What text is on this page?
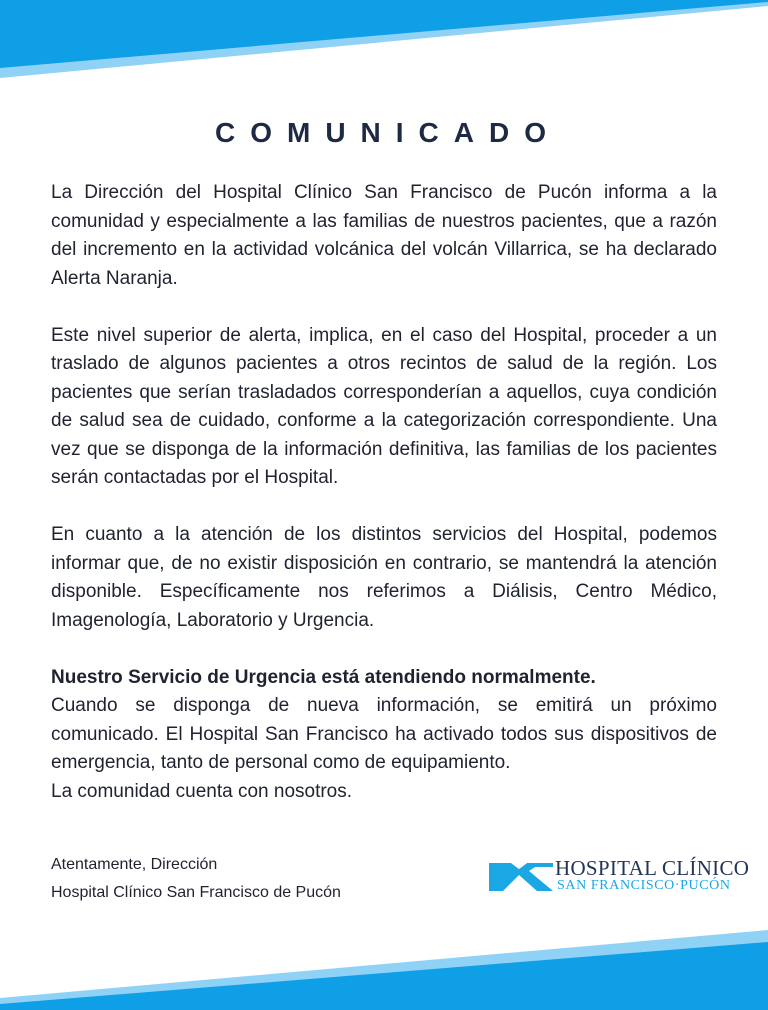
COMUNICADO

La Dirección del Hospital Clínico San Francisco de Pucón informa a la comunidad y especialmente a las familias de nuestros pacientes, que a razón del incremento en la actividad volcánica del volcán Villarrica, se ha declarado Alerta Naranja.

Este nivel superior de alerta, implica, en el caso del Hospital, proceder a un traslado de algunos pacientes a otros recintos de salud de la región. Los pacientes que serían trasladados corresponderían a aquellos, cuya condición de salud sea de cuidado, conforme a la categorización correspondiente. Una vez que se disponga de la información definitiva, las familias de los pacientes serán contactadas por el Hospital.

En cuanto a la atención de los distintos servicios del Hospital, podemos informar que, de no existir disposición en contrario, se mantendrá la atención disponible. Específicamente nos referimos a Diálisis, Centro Médico, Imagenología, Laboratorio y Urgencia.

Nuestro Servicio de Urgencia está atendiendo normalmente.
Cuando se disponga de nueva información, se emitirá un próximo comunicado. El Hospital San Francisco ha activado todos sus dispositivos de emergencia, tanto de personal como de equipamiento.
La comunidad cuenta con nosotros.

Atentamente, Dirección
Hospital Clínico San Francisco de Pucón
HOSPITAL CLÍNICO
SAN FRANCISCO·PUCÓN
